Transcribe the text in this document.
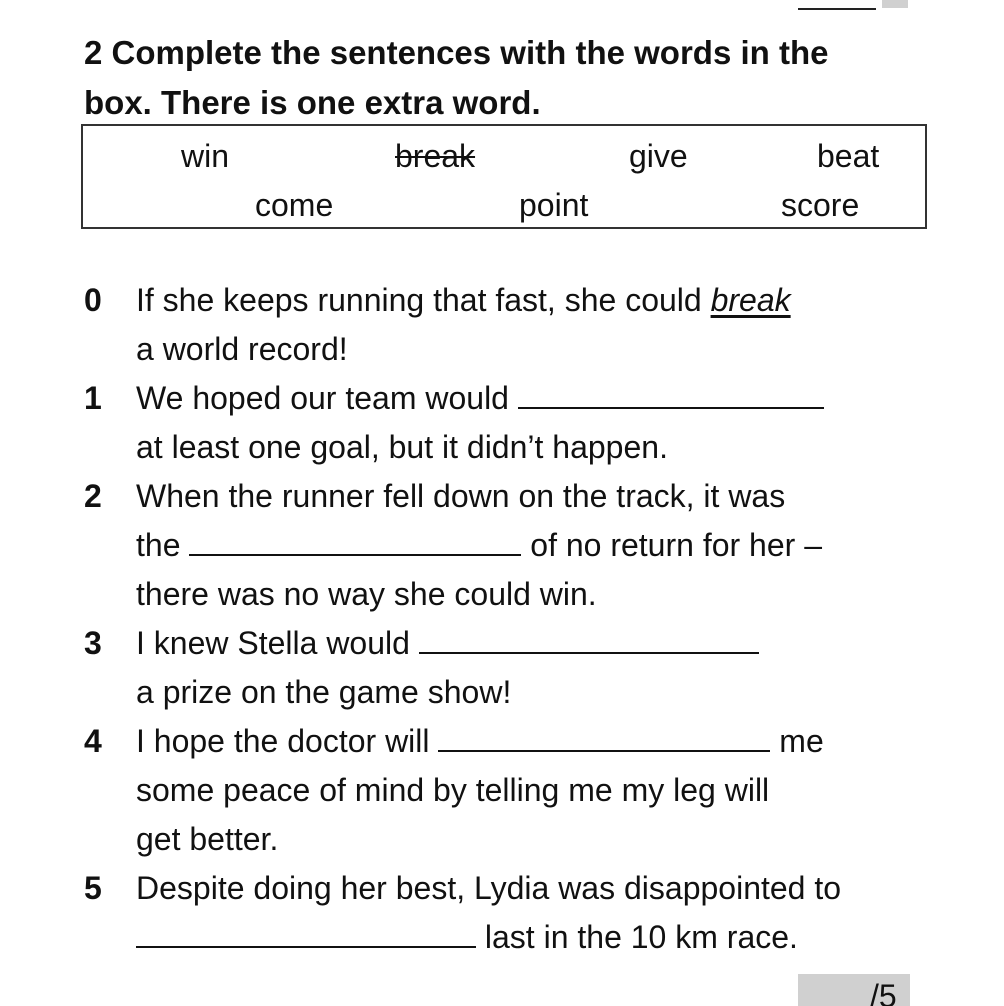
2 Complete the sentences with the words in the
box. There is one extra word.
win	break	give	beat
come	point	score
0 If she keeps running that fast, she could break
a world record!
1 We hoped our team would
at least one goal, but it didn’t happen.
2 When the runner fell down on the track, it was
the	of no return for her –
there was no way she could win.
3 I knew Stella would
a prize on the game show!
4 I hope the doctor will	me
some peace of mind by telling me my leg will
get better.
5 Despite doing her best, Lydia was disappointed to
last in the 10 km race.
/5
